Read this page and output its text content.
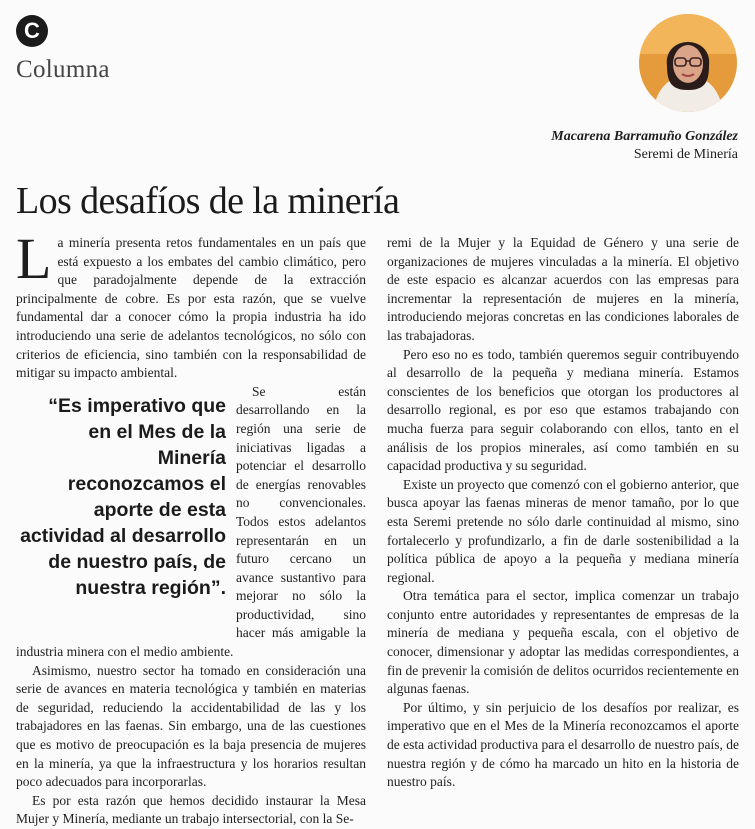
C
Columna
Macarena Barramuño González
Seremi de Minería
Los desafíos de la minería

La minería presenta retos fundamentales en un país que está expuesto a los embates del cambio climático, pero que paradojalmente depende de la extracción principalmente de cobre. Es por esta razón, que se vuelve fundamental dar a conocer cómo la propia industria ha ido introduciendo una serie de adelantos tecnológicos, no sólo con criterios de eficiencia, sino también con la responsabilidad de mitigar su impacto ambiental.

“Es imperativo que en el Mes de la Minería reconozcamos el aporte de esta actividad al desarrollo de nuestro país, de nuestra región”.
Se están desarrollando en la región una serie de iniciativas ligadas a potenciar el desarrollo de energías renovables no convencionales. Todos estos adelantos representarán en un futuro cercano un avance sustantivo para mejorar no sólo la productividad, sino hacer más amigable la industria minera con el medio ambiente.

Asimismo, nuestro sector ha tomado en consideración una serie de avances en materia tecnológica y también en materias de seguridad, reduciendo la accidentabilidad de las y los trabajadores en las faenas. Sin embargo, una de las cuestiones que es motivo de preocupación es la baja presencia de mujeres en la minería, ya que la infraestructura y los horarios resultan poco adecuados para incorporarlas.

Es por esta razón que hemos decidido instaurar la Mesa Mujer y Minería, mediante un trabajo intersectorial, con la Se-

remi de la Mujer y la Equidad de Género y una serie de organizaciones de mujeres vinculadas a la minería. El objetivo de este espacio es alcanzar acuerdos con las empresas para incrementar la representación de mujeres en la minería, introduciendo mejoras concretas en las condiciones laborales de las trabajadoras.

Pero eso no es todo, también queremos seguir contribuyendo al desarrollo de la pequeña y mediana minería. Estamos conscientes de los beneficios que otorgan los productores al desarrollo regional, es por eso que estamos trabajando con mucha fuerza para seguir colaborando con ellos, tanto en el análisis de los propios minerales, así como también en su capacidad productiva y su seguridad.

Existe un proyecto que comenzó con el gobierno anterior, que busca apoyar las faenas mineras de menor tamaño, por lo que esta Seremi pretende no sólo darle continuidad al mismo, sino fortalecerlo y profundizarlo, a fin de darle sostenibilidad a la política pública de apoyo a la pequeña y mediana minería regional.

Otra temática para el sector, implica comenzar un trabajo conjunto entre autoridades y representantes de empresas de la minería de mediana y pequeña escala, con el objetivo de conocer, dimensionar y adoptar las medidas correspondientes, a fin de prevenir la comisión de delitos ocurridos recientemente en algunas faenas.

Por último, y sin perjuicio de los desafíos por realizar, es imperativo que en el Mes de la Minería reconozcamos el aporte de esta actividad productiva para el desarrollo de nuestro país, de nuestra región y de cómo ha marcado un hito en la historia de nuestro país.
